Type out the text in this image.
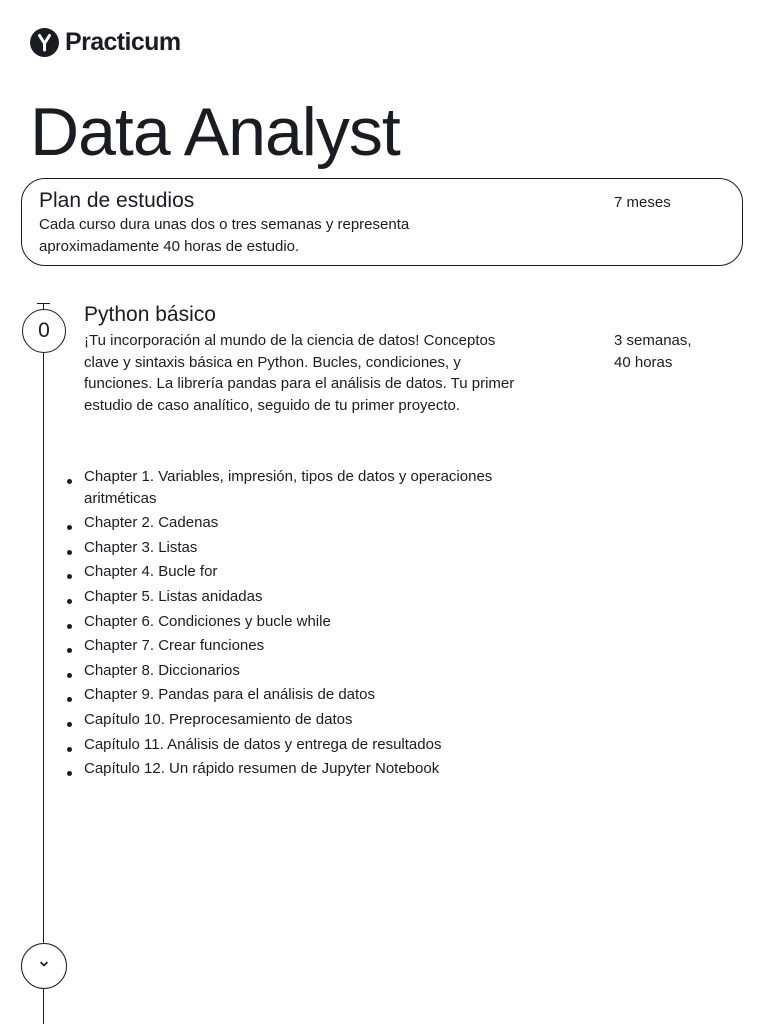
Practicum
Data Analyst
Plan de estudios
Cada curso dura unas dos o tres semanas y representa aproximadamente 40 horas de estudio.
7 meses
0
Python básico
¡Tu incorporación al mundo de la ciencia de datos! Conceptos clave y sintaxis básica en Python. Bucles, condiciones, y funciones. La librería pandas para el análisis de datos. Tu primer estudio de caso analítico, seguido de tu primer proyecto.
3 semanas,
40 horas
Chapter 1. Variables, impresión, tipos de datos y operaciones aritméticas
Chapter 2. Cadenas
Chapter 3. Listas
Chapter 4. Bucle for
Chapter 5. Listas anidadas
Chapter 6. Condiciones y bucle while
Chapter 7. Crear funciones
Chapter 8. Diccionarios
Chapter 9. Pandas para el análisis de datos
Capítulo 10. Preprocesamiento de datos
Capítulo 11. Análisis de datos y entrega de resultados
Capítulo 12. Un rápido resumen de Jupyter Notebook
